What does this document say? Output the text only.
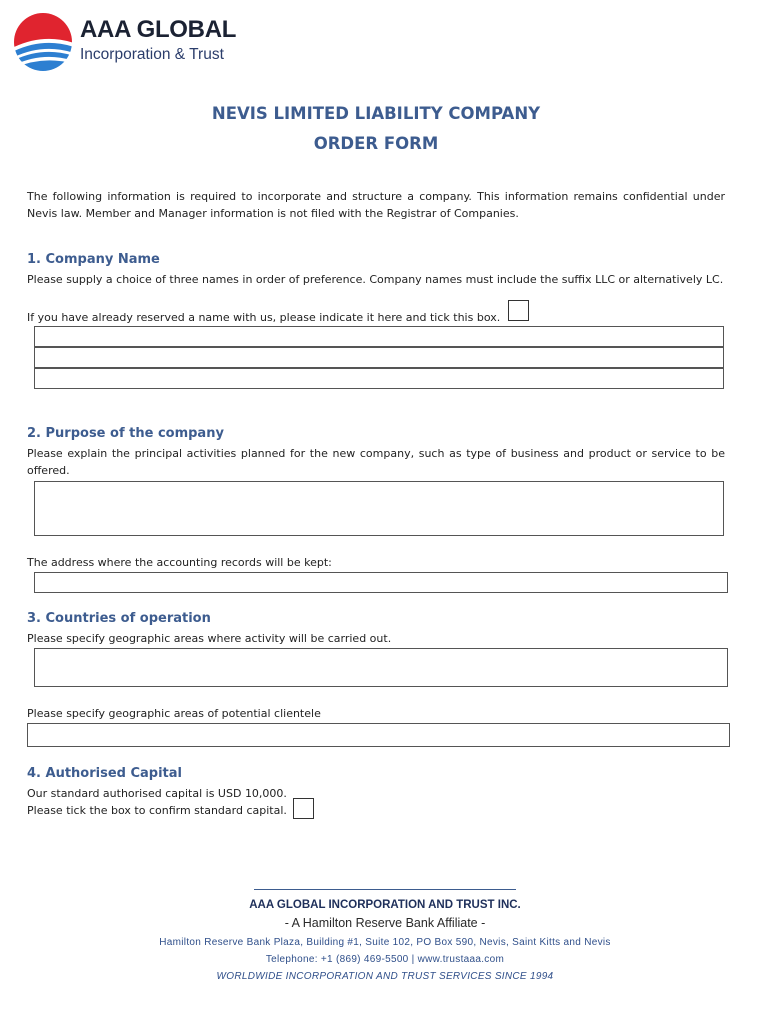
AAA GLOBAL
Incorporation & Trust
NEVIS LIMITED LIABILITY COMPANY
ORDER FORM
The following information is required to incorporate and structure a company. This information remains confidential under Nevis law. Member and Manager information is not filed with the Registrar of Companies.
1. Company Name
Please supply a choice of three names in order of preference. Company names must include the suffix LLC or alternatively LC.
If you have already reserved a name with us, please indicate it here and tick this box.
2. Purpose of the company
Please explain the principal activities planned for the new company, such as type of business and product or service to be offered.
The address where the accounting records will be kept:
3. Countries of operation
Please specify geographic areas where activity will be carried out.
Please specify geographic areas of potential clientele
4. Authorised Capital
Our standard authorised capital is USD 10,000.
Please tick the box to confirm standard capital.
AAA GLOBAL INCORPORATION AND TRUST INC.
- A Hamilton Reserve Bank Affiliate -
Hamilton Reserve Bank Plaza, Building #1, Suite 102, PO Box 590, Nevis, Saint Kitts and Nevis
Telephone: +1 (869) 469-5500 | www.trustaaa.com
WORLDWIDE INCORPORATION AND TRUST SERVICES SINCE 1994
